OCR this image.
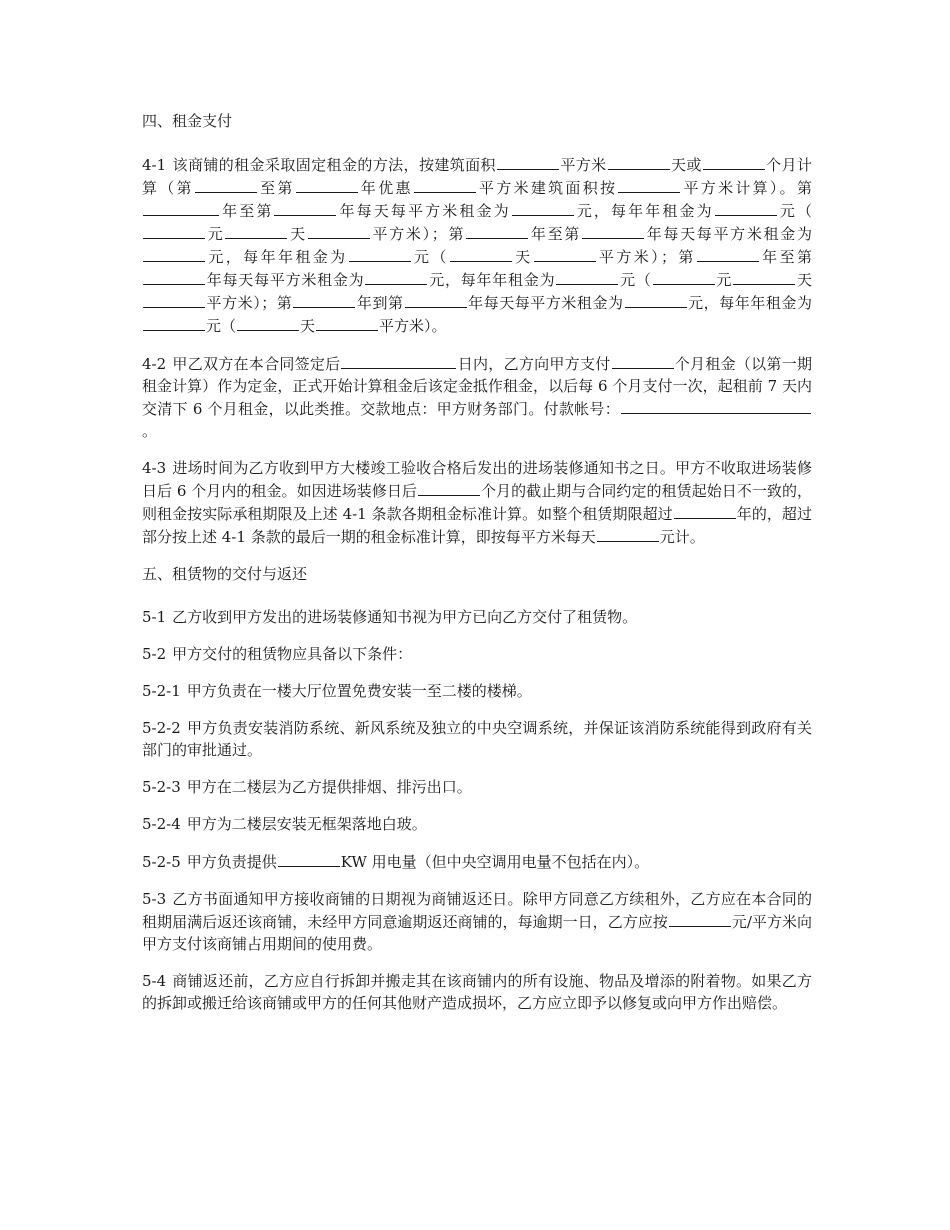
四、租金支付

4-1 该商铺的租金采取固定租金的方法，按建筑面积	平方米	天或	个月计算（第	至第	年优惠	平方米建筑面积按	平方米计算）。第年至第	年每天每平方米租金为	元，每年年租金为	元（元	天	平方米）；第	年至第	年每天每平方米租金为元，每年年租金为	元（	天	平方米）；第	年至第年每天每平方米租金为	元，每年年租金为	元（	元	天平方米）；第	年到第	年每天每平方米租金为	元，每年年租金为元（	天	平方米）。

4-2 甲乙双方在本合同签定后	日内，乙方向甲方支付	个月租金（以第一期租金计算）作为定金，正式开始计算租金后该定金抵作租金，以后每 6 个月支付一次，起租前 7 天内交清下 6 个月租金，以此类推。交款地点：甲方财务部门。付款帐号：。

4-3 进场时间为乙方收到甲方大楼竣工验收合格后发出的进场装修通知书之日。甲方不收取进场装修日后 6 个月内的租金。如因进场装修日后	个月的截止期与合同约定的租赁起始日不一致的，则租金按实际承租期限及上述 4-1 条款各期租金标准计算。如整个租赁期限超过	年的，超过部分按上述 4-1 条款的最后一期的租金标准计算，即按每平方米每天	元计。

五、租赁物的交付与返还

5-1 乙方收到甲方发出的进场装修通知书视为甲方已向乙方交付了租赁物。

5-2 甲方交付的租赁物应具备以下条件：

5-2-1 甲方负责在一楼大厅位置免费安装一至二楼的楼梯。

5-2-2 甲方负责安装消防系统、新风系统及独立的中央空调系统，并保证该消防系统能得到政府有关部门的审批通过。

5-2-3 甲方在二楼层为乙方提供排烟、排污出口。

5-2-4 甲方为二楼层安装无框架落地白玻。

5-2-5 甲方负责提供	KW 用电量（但中央空调用电量不包括在内）。

5-3 乙方书面通知甲方接收商铺的日期视为商铺返还日。除甲方同意乙方续租外，乙方应在本合同的租期届满后返还该商铺，未经甲方同意逾期返还商铺的，每逾期一日，乙方应按	元/平方米向甲方支付该商铺占用期间的使用费。

5-4 商铺返还前，乙方应自行拆卸并搬走其在该商铺内的所有设施、物品及增添的附着物。如果乙方的拆卸或搬迁给该商铺或甲方的任何其他财产造成损坏，乙方应立即予以修复或向甲方作出赔偿。
